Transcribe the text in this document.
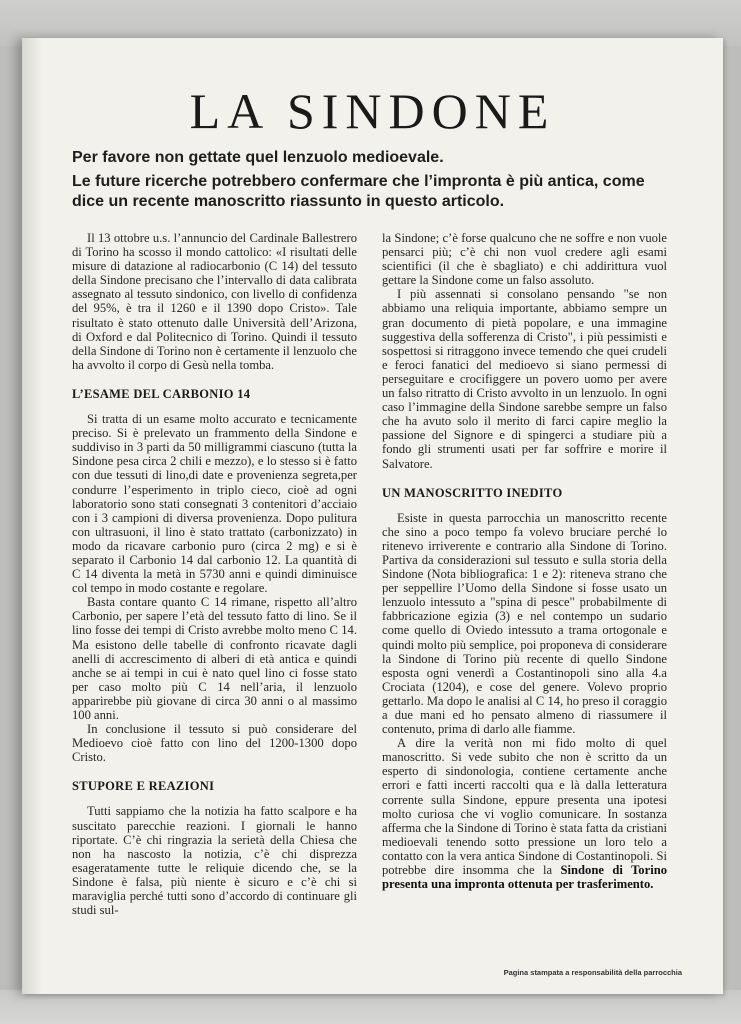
LA SINDONE

Per favore non gettate quel lenzuolo medioevale.

Le future ricerche potrebbero confermare che l’impronta è più antica, come dice un recente manoscritto riassunto in questo articolo.

Il 13 ottobre u.s. l’annuncio del Cardinale Ballestrero di Torino ha scosso il mondo cattolico: «I risultati delle misure di datazione al radiocarbonio (C 14) del tessuto della Sindone precisano che l’intervallo di data calibrata assegnato al tessuto sindonico, con livello di confidenza del 95%, è tra il 1260 e il 1390 dopo Cristo». Tale risultato è stato ottenuto dalle Università dell’Arizona, di Oxford e dal Politecnico di Torino. Quindi il tessuto della Sindone di Torino non è certamente il lenzuolo che ha avvolto il corpo di Gesù nella tomba.

L’ESAME DEL CARBONIO 14

Si tratta di un esame molto accurato e tecnicamente preciso. Si è prelevato un frammento della Sindone e suddiviso in 3 parti da 50 milligrammi ciascuno (tutta la Sindone pesa circa 2 chili e mezzo), e lo stesso si è fatto con due tessuti di lino,di date e provenienza segreta,per condurre l’esperimento in triplo cieco, cioè ad ogni laboratorio sono stati consegnati 3 contenitori d’acciaio con i 3 campioni di diversa provenienza. Dopo pulitura con ultrasuoni, il lino è stato trattato (carbonizzato) in modo da ricavare carbonio puro (circa 2 mg) e si è separato il Carbonio 14 dal carbonio 12. La quantità di C 14 diventa la metà in 5730 anni e quindi diminuisce col tempo in modo costante e regolare.

Basta contare quanto C 14 rimane, rispetto all’altro Carbonio, per sapere l’età del tessuto fatto di lino. Se il lino fosse dei tempi di Cristo avrebbe molto meno C 14. Ma esistono delle tabelle di confronto ricavate dagli anelli di accrescimento di alberi di età antica e quindi anche se ai tempi in cui è nato quel lino ci fosse stato per caso molto più C 14 nell’aria, il lenzuolo apparirebbe più giovane di circa 30 anni o al massimo 100 anni.

In conclusione il tessuto si può considerare del Medioevo cioè fatto con lino del 1200-1300 dopo Cristo.

STUPORE E REAZIONI

Tutti sappiamo che la notizia ha fatto scalpore e ha suscitato parecchie reazioni. I giornali le hanno riportate. C’è chi ringrazia la serietà della Chiesa che non ha nascosto la notizia, c’è chi disprezza esageratamente tutte le reliquie dicendo che, se la Sindone è falsa, più niente è sicuro e c’è chi si maraviglia perché tutti sono d’accordo di continuare gli studi sul-

la Sindone; c’è forse qualcuno che ne soffre e non vuole pensarci più; c’è chi non vuol credere agli esami scientifici (il che è sbagliato) e chi addirittura vuol gettare la Sindone come un falso assoluto.

I più assennati si consolano pensando "se non abbiamo una reliquia importante, abbiamo sempre un gran documento di pietà popolare, e una immagine suggestiva della sofferenza di Cristo", i più pessimisti e sospettosi si ritraggono invece temendo che quei crudeli e feroci fanatici del medioevo si siano permessi di perseguitare e crocifiggere un povero uomo per avere un falso ritratto di Cristo avvolto in un lenzuolo. In ogni caso l’immagine della Sindone sarebbe sempre un falso che ha avuto solo il merito di farci capire meglio la passione del Signore e di spingerci a studiare più a fondo gli strumenti usati per far soffrire e morire il Salvatore.

UN MANOSCRITTO INEDITO

Esiste in questa parrocchia un manoscritto recente che sino a poco tempo fa volevo bruciare perché lo ritenevo irriverente e contrario alla Sindone di Torino. Partiva da considerazioni sul tessuto e sulla storia della Sindone (Nota bibliografica: 1 e 2): riteneva strano che per seppellire l’Uomo della Sindone si fosse usato un lenzuolo intessuto a "spina di pesce" probabilmente di fabbricazione egizia (3) e nel contempo un sudario come quello di Oviedo intessuto a trama ortogonale e quindi molto più semplice, poi proponeva di considerare la Sindone di Torino più recente di quello Sindone esposta ogni venerdì a Costantinopoli sino alla 4.a Crociata (1204), e cose del genere. Volevo proprio gettarlo. Ma dopo le analisi al C 14, ho preso il coraggio a due mani ed ho pensato almeno di riassumere il contenuto, prima di darlo alle fiamme.

A dire la verità non mi fido molto di quel manoscritto. Si vede subito che non è scritto da un esperto di sindonologia, contiene certamente anche errori e fatti incerti raccolti qua e là dalla letteratura corrente sulla Sindone, eppure presenta una ipotesi molto curiosa che vi voglio comunicare. In sostanza afferma che la Sindone di Torino è stata fatta da cristiani medioevali tenendo sotto pressione un loro telo a contatto con la vera antica Sindone di Costantinopoli. Si potrebbe dire insomma che la Sindone di Torino presenta una impronta ottenuta per trasferimento.

Pagina stampata a responsabilità della parrocchia
